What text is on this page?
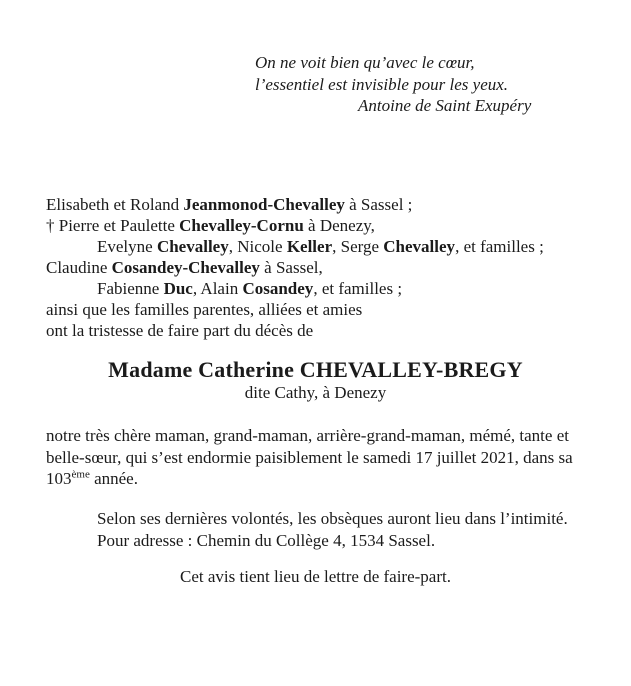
On ne voit bien qu’avec le cœur,
l’essentiel est invisible pour les yeux.
Antoine de Saint Exupéry
Elisabeth et Roland Jeanmonod-Chevalley à Sassel ;
† Pierre et Paulette Chevalley-Cornu à Denezy,
Evelyne Chevalley, Nicole Keller, Serge Chevalley, et familles ;
Claudine Cosandey-Chevalley à Sassel,
Fabienne Duc, Alain Cosandey, et familles ;
ainsi que les familles parentes, alliées et amies
ont la tristesse de faire part du décès de
Madame Catherine CHEVALLEY-BREGY
dite Cathy, à Denezy
notre très chère maman, grand-maman, arrière-grand-maman, mémé, tante et
belle-sœur, qui s’est endormie paisiblement le samedi 17 juillet 2021, dans sa
103ème année.
Selon ses dernières volontés, les obsèques auront lieu dans l’intimité.
Pour adresse : Chemin du Collège 4, 1534 Sassel.
Cet avis tient lieu de lettre de faire-part.
